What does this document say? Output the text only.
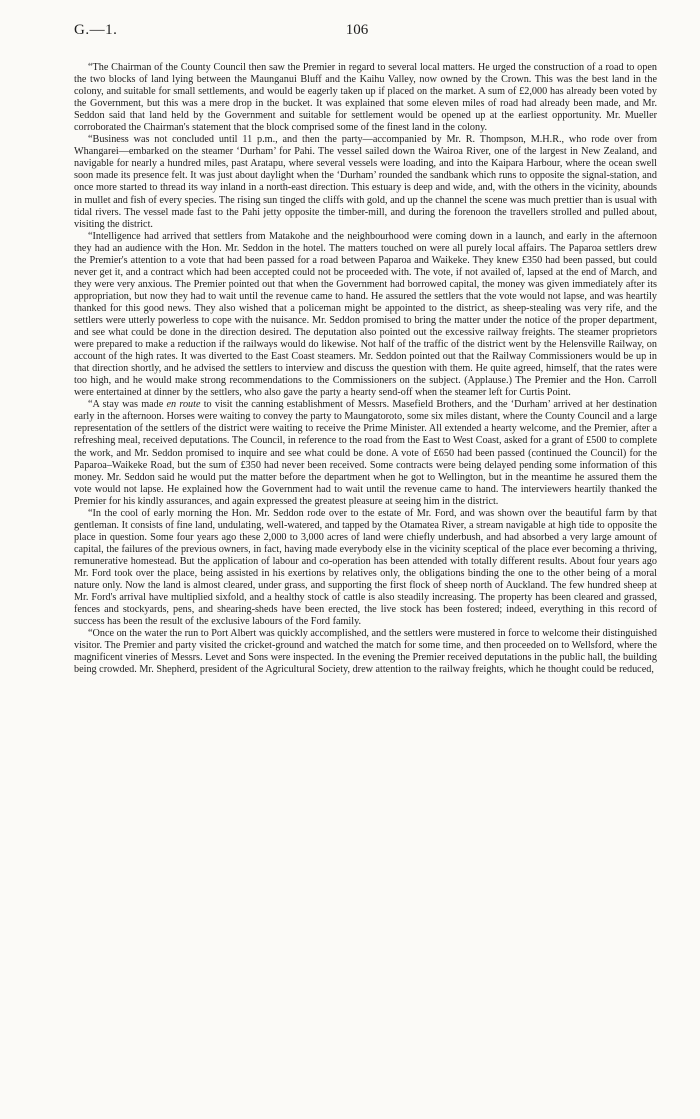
G.—1.	106

“The Chairman of the County Council then saw the Premier in regard to several local matters. He urged the construction of a road to open the two blocks of land lying between the Maunganui Bluff and the Kaihu Valley, now owned by the Crown. This was the best land in the colony, and suitable for small settlements, and would be eagerly taken up if placed on the market. A sum of £2,000 has already been voted by the Government, but this was a mere drop in the bucket. It was explained that some eleven miles of road had already been made, and Mr. Seddon said that land held by the Government and suitable for settlement would be opened up at the earliest opportunity. Mr. Mueller corroborated the Chairman's statement that the block comprised some of the finest land in the colony.

“Business was not concluded until 11 p.m., and then the party—accompanied by Mr. R. Thompson, M.H.R., who rode over from Whangarei—embarked on the steamer ‘Durham’ for Pahi. The vessel sailed down the Wairoa River, one of the largest in New Zealand, and navigable for nearly a hundred miles, past Aratapu, where several vessels were loading, and into the Kaipara Harbour, where the ocean swell soon made its presence felt. It was just about daylight when the ‘Durham’ rounded the sandbank which runs to opposite the signal-station, and once more started to thread its way inland in a north-east direction. This estuary is deep and wide, and, with the others in the vicinity, abounds in mullet and fish of every species. The rising sun tinged the cliffs with gold, and up the channel the scene was much prettier than is usual with tidal rivers. The vessel made fast to the Pahi jetty opposite the timber-mill, and during the forenoon the travellers strolled and pulled about, visiting the district.

“Intelligence had arrived that settlers from Matakohe and the neighbourhood were coming down in a launch, and early in the afternoon they had an audience with the Hon. Mr. Seddon in the hotel. The matters touched on were all purely local affairs. The Paparoa settlers drew the Premier's attention to a vote that had been passed for a road between Paparoa and Waikeke. They knew £350 had been passed, but could never get it, and a contract which had been accepted could not be proceeded with. The vote, if not availed of, lapsed at the end of March, and they were very anxious. The Premier pointed out that when the Government had borrowed capital, the money was given immediately after its appropriation, but now they had to wait until the revenue came to hand. He assured the settlers that the vote would not lapse, and was heartily thanked for this good news. They also wished that a policeman might be appointed to the district, as sheep-stealing was very rife, and the settlers were utterly powerless to cope with the nuisance. Mr. Seddon promised to bring the matter under the notice of the proper department, and see what could be done in the direction desired. The deputation also pointed out the excessive railway freights. The steamer proprietors were prepared to make a reduction if the railways would do likewise. Not half of the traffic of the district went by the Helensville Railway, on account of the high rates. It was diverted to the East Coast steamers. Mr. Seddon pointed out that the Railway Commissioners would be up in that direction shortly, and he advised the settlers to interview and discuss the question with them. He quite agreed, himself, that the rates were too high, and he would make strong recommendations to the Commissioners on the subject. (Applause.) The Premier and the Hon. Carroll were entertained at dinner by the settlers, who also gave the party a hearty send-off when the steamer left for Curtis Point.

“A stay was made en route to visit the canning establishment of Messrs. Masefield Brothers, and the ‘Durham’ arrived at her destination early in the afternoon. Horses were waiting to convey the party to Maungatoroto, some six miles distant, where the County Council and a large representation of the settlers of the district were waiting to receive the Prime Minister. All extended a hearty welcome, and the Premier, after a refreshing meal, received deputations. The Council, in reference to the road from the East to West Coast, asked for a grant of £500 to complete the work, and Mr. Seddon promised to inquire and see what could be done. A vote of £650 had been passed (continued the Council) for the Paparoa–Waikeke Road, but the sum of £350 had never been received. Some contracts were being delayed pending some information of this money. Mr. Seddon said he would put the matter before the department when he got to Wellington, but in the meantime he assured them the vote would not lapse. He explained how the Government had to wait until the revenue came to hand. The interviewers heartily thanked the Premier for his kindly assurances, and again expressed the greatest pleasure at seeing him in the district.

“In the cool of early morning the Hon. Mr. Seddon rode over to the estate of Mr. Ford, and was shown over the beautiful farm by that gentleman. It consists of fine land, undulating, well-watered, and tapped by the Otamatea River, a stream navigable at high tide to opposite the place in question. Some four years ago these 2,000 to 3,000 acres of land were chiefly underbush, and had absorbed a very large amount of capital, the failures of the previous owners, in fact, having made everybody else in the vicinity sceptical of the place ever becoming a thriving, remunerative homestead. But the application of labour and co-operation has been attended with totally different results. About four years ago Mr. Ford took over the place, being assisted in his exertions by relatives only, the obligations binding the one to the other being of a moral nature only. Now the land is almost cleared, under grass, and supporting the first flock of sheep north of Auckland. The few hundred sheep at Mr. Ford's arrival have multiplied sixfold, and a healthy stock of cattle is also steadily increasing. The property has been cleared and grassed, fences and stockyards, pens, and shearing-sheds have been erected, the live stock has been fostered; indeed, everything in this record of success has been the result of the exclusive labours of the Ford family.

“Once on the water the run to Port Albert was quickly accomplished, and the settlers were mustered in force to welcome their distinguished visitor. The Premier and party visited the cricket-ground and watched the match for some time, and then proceeded on to Wellsford, where the magnificent vineries of Messrs. Levet and Sons were inspected. In the evening the Premier received deputations in the public hall, the building being crowded. Mr. Shepherd, president of the Agricultural Society, drew attention to the railway freights, which he thought could be reduced,
